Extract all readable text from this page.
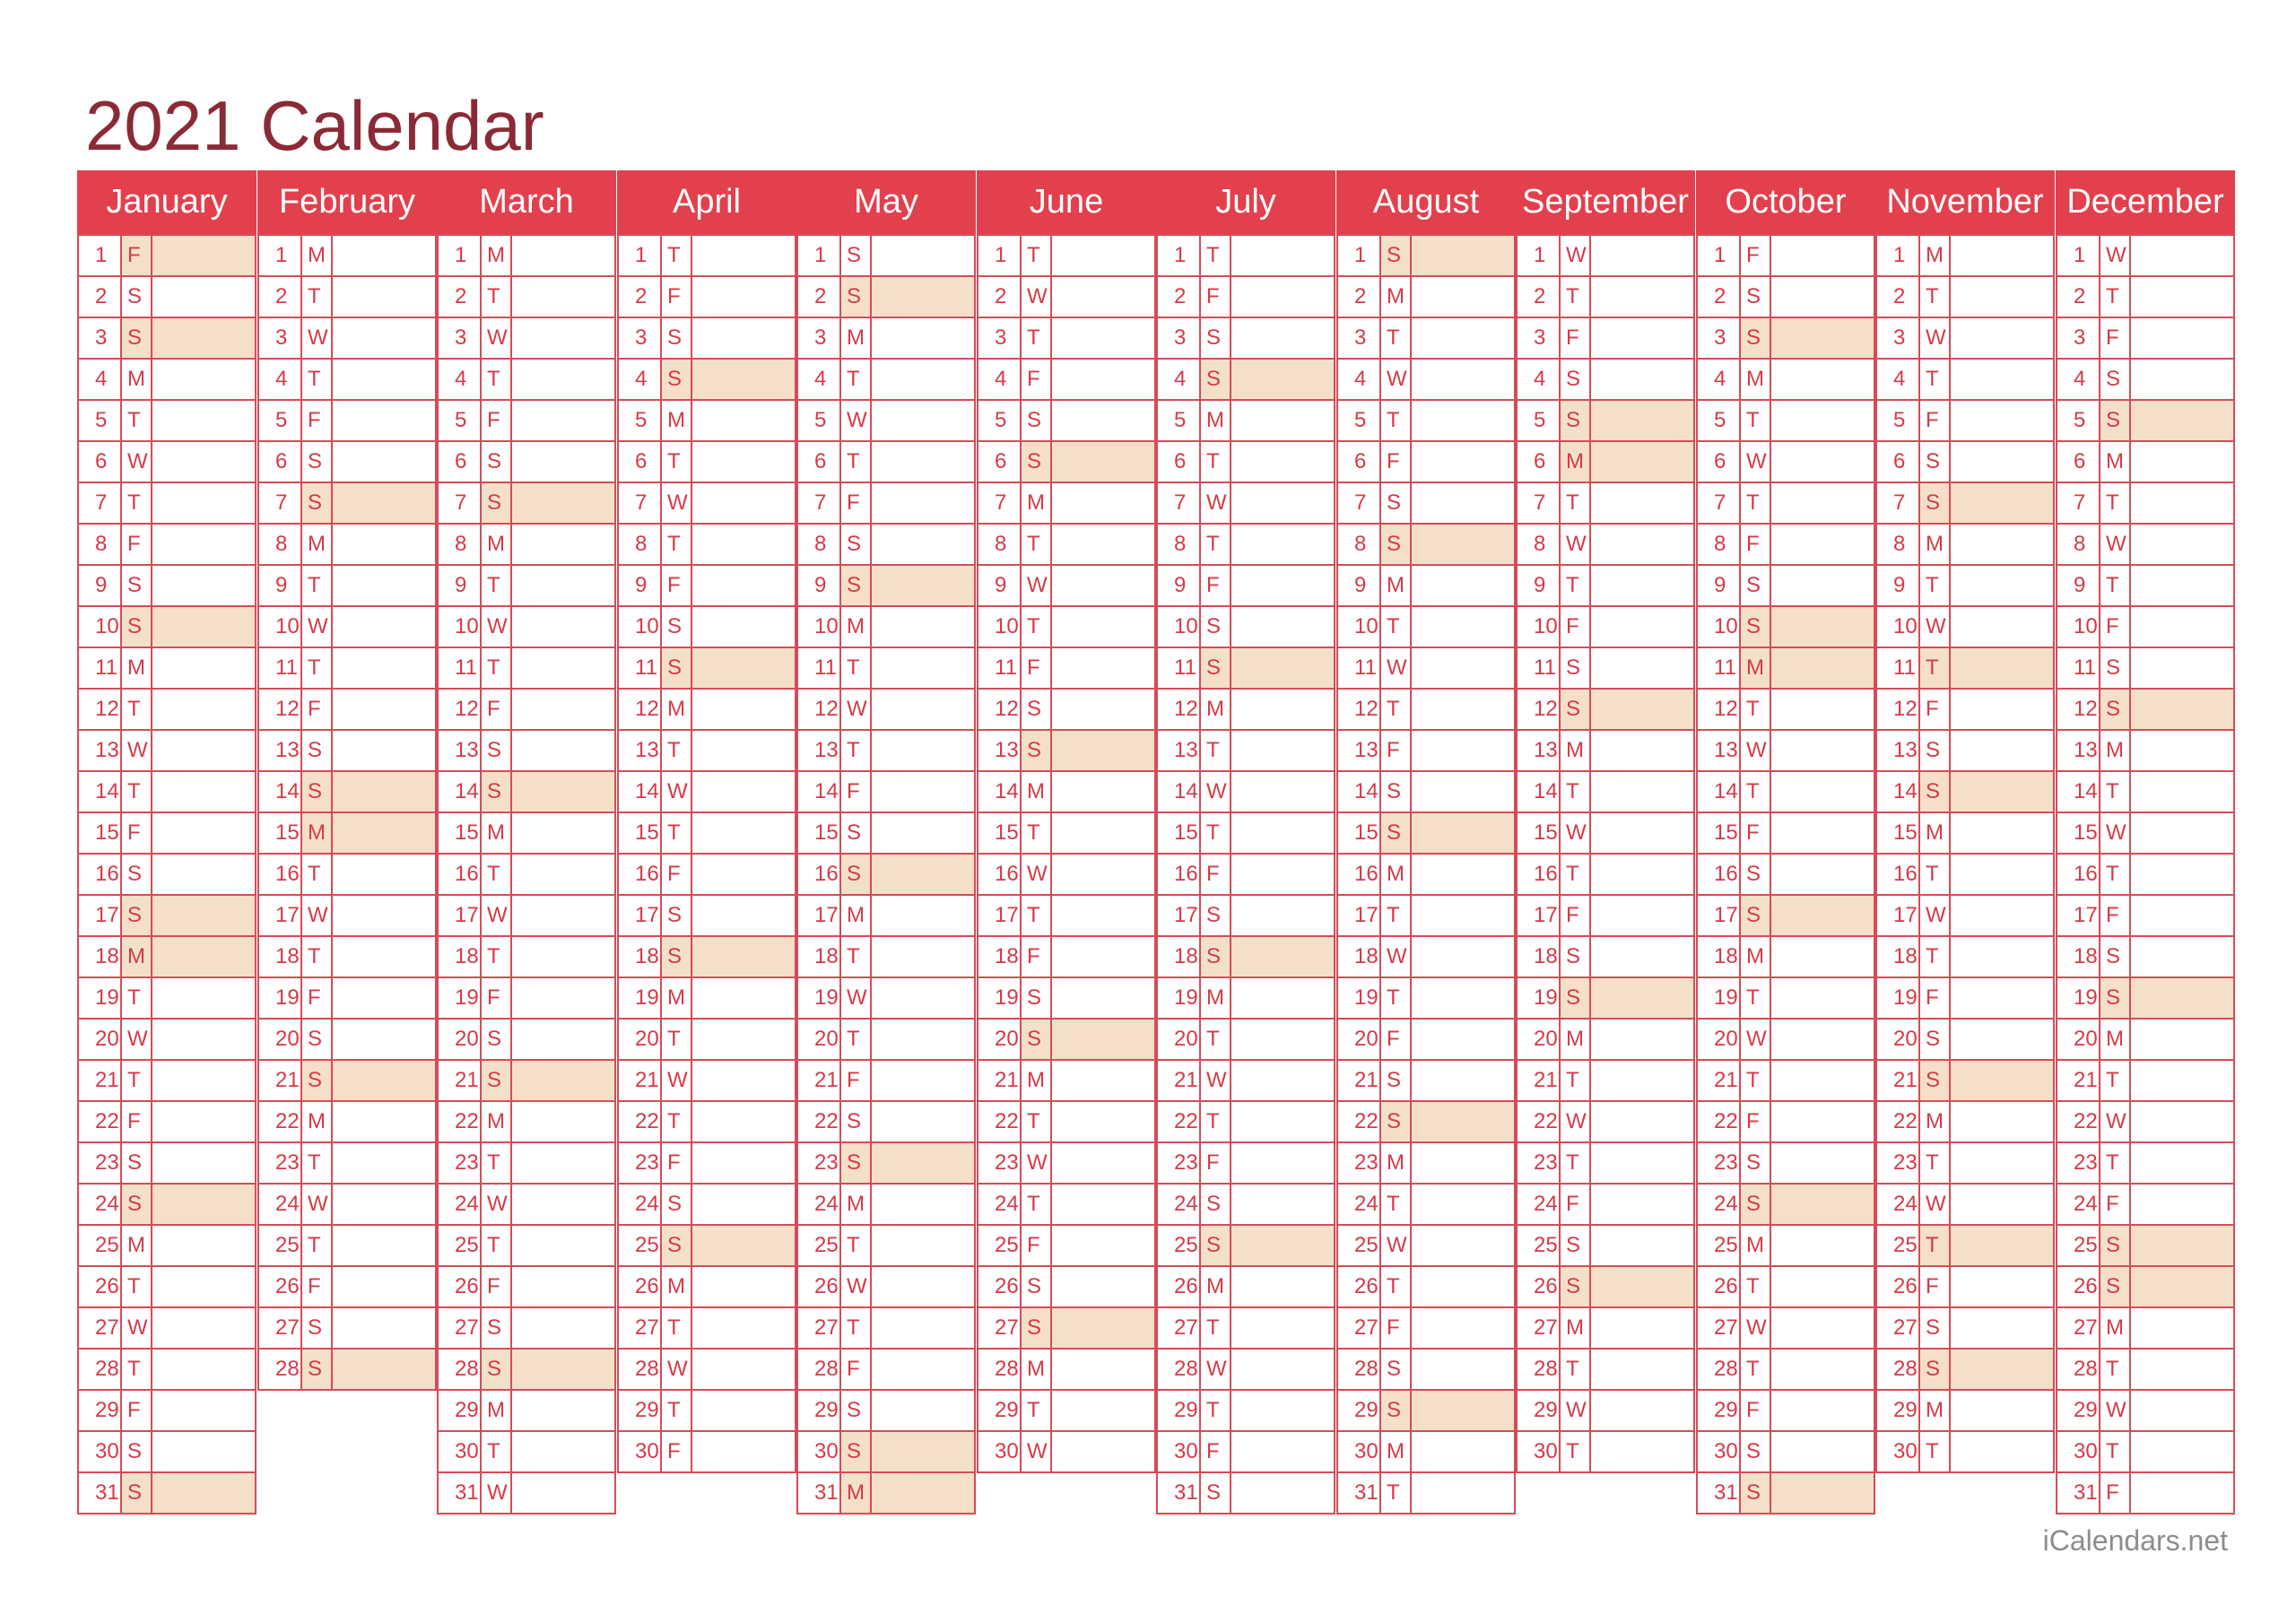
2021 Calendar
January
1 F
2 S
3 S
4 M
5 T
6 W
7 T
8 F
9 S
10 S
11 M
12 T
13 W
14 T
15 F
16 S
17 S
18 M
19 T
20 W
21 T
22 F
23 S
24 S
25 M
26 T
27 W
28 T
29 F
30 S
31 S
February
1 M
2 T
3 W
4 T
5 F
6 S
7 S
8 M
9 T
10 W
11 T
12 F
13 S
14 S
15 M
16 T
17 W
18 T
19 F
20 S
21 S
22 M
23 T
24 W
25 T
26 F
27 S
28 S
March
1 M
2 T
3 W
4 T
5 F
6 S
7 S
8 M
9 T
10 W
11 T
12 F
13 S
14 S
15 M
16 T
17 W
18 T
19 F
20 S
21 S
22 M
23 T
24 W
25 T
26 F
27 S
28 S
29 M
30 T
31 W
April
1 T
2 F
3 S
4 S
5 M
6 T
7 W
8 T
9 F
10 S
11 S
12 M
13 T
14 W
15 T
16 F
17 S
18 S
19 M
20 T
21 W
22 T
23 F
24 S
25 S
26 M
27 T
28 W
29 T
30 F
May
1 S
2 S
3 M
4 T
5 W
6 T
7 F
8 S
9 S
10 M
11 T
12 W
13 T
14 F
15 S
16 S
17 M
18 T
19 W
20 T
21 F
22 S
23 S
24 M
25 T
26 W
27 T
28 F
29 S
30 S
31 M
June
1 T
2 W
3 T
4 F
5 S
6 S
7 M
8 T
9 W
10 T
11 F
12 S
13 S
14 M
15 T
16 W
17 T
18 F
19 S
20 S
21 M
22 T
23 W
24 T
25 F
26 S
27 S
28 M
29 T
30 W
July
1 T
2 F
3 S
4 S
5 M
6 T
7 W
8 T
9 F
10 S
11 S
12 M
13 T
14 W
15 T
16 F
17 S
18 S
19 M
20 T
21 W
22 T
23 F
24 S
25 S
26 M
27 T
28 W
29 T
30 F
31 S
August
1 S
2 M
3 T
4 W
5 T
6 F
7 S
8 S
9 M
10 T
11 W
12 T
13 F
14 S
15 S
16 M
17 T
18 W
19 T
20 F
21 S
22 S
23 M
24 T
25 W
26 T
27 F
28 S
29 S
30 M
31 T
September
1 W
2 T
3 F
4 S
5 S
6 M
7 T
8 W
9 T
10 F
11 S
12 S
13 M
14 T
15 W
16 T
17 F
18 S
19 S
20 M
21 T
22 W
23 T
24 F
25 S
26 S
27 M
28 T
29 W
30 T
October
1 F
2 S
3 S
4 M
5 T
6 W
7 T
8 F
9 S
10 S
11 M
12 T
13 W
14 T
15 F
16 S
17 S
18 M
19 T
20 W
21 T
22 F
23 S
24 S
25 M
26 T
27 W
28 T
29 F
30 S
31 S
November
1 M
2 T
3 W
4 T
5 F
6 S
7 S
8 M
9 T
10 W
11 T
12 F
13 S
14 S
15 M
16 T
17 W
18 T
19 F
20 S
21 S
22 M
23 T
24 W
25 T
26 F
27 S
28 S
29 M
30 T
December
1 W
2 T
3 F
4 S
5 S
6 M
7 T
8 W
9 T
10 F
11 S
12 S
13 M
14 T
15 W
16 T
17 F
18 S
19 S
20 M
21 T
22 W
23 T
24 F
25 S
26 S
27 M
28 T
29 W
30 T
31 F
iCalendars.net
